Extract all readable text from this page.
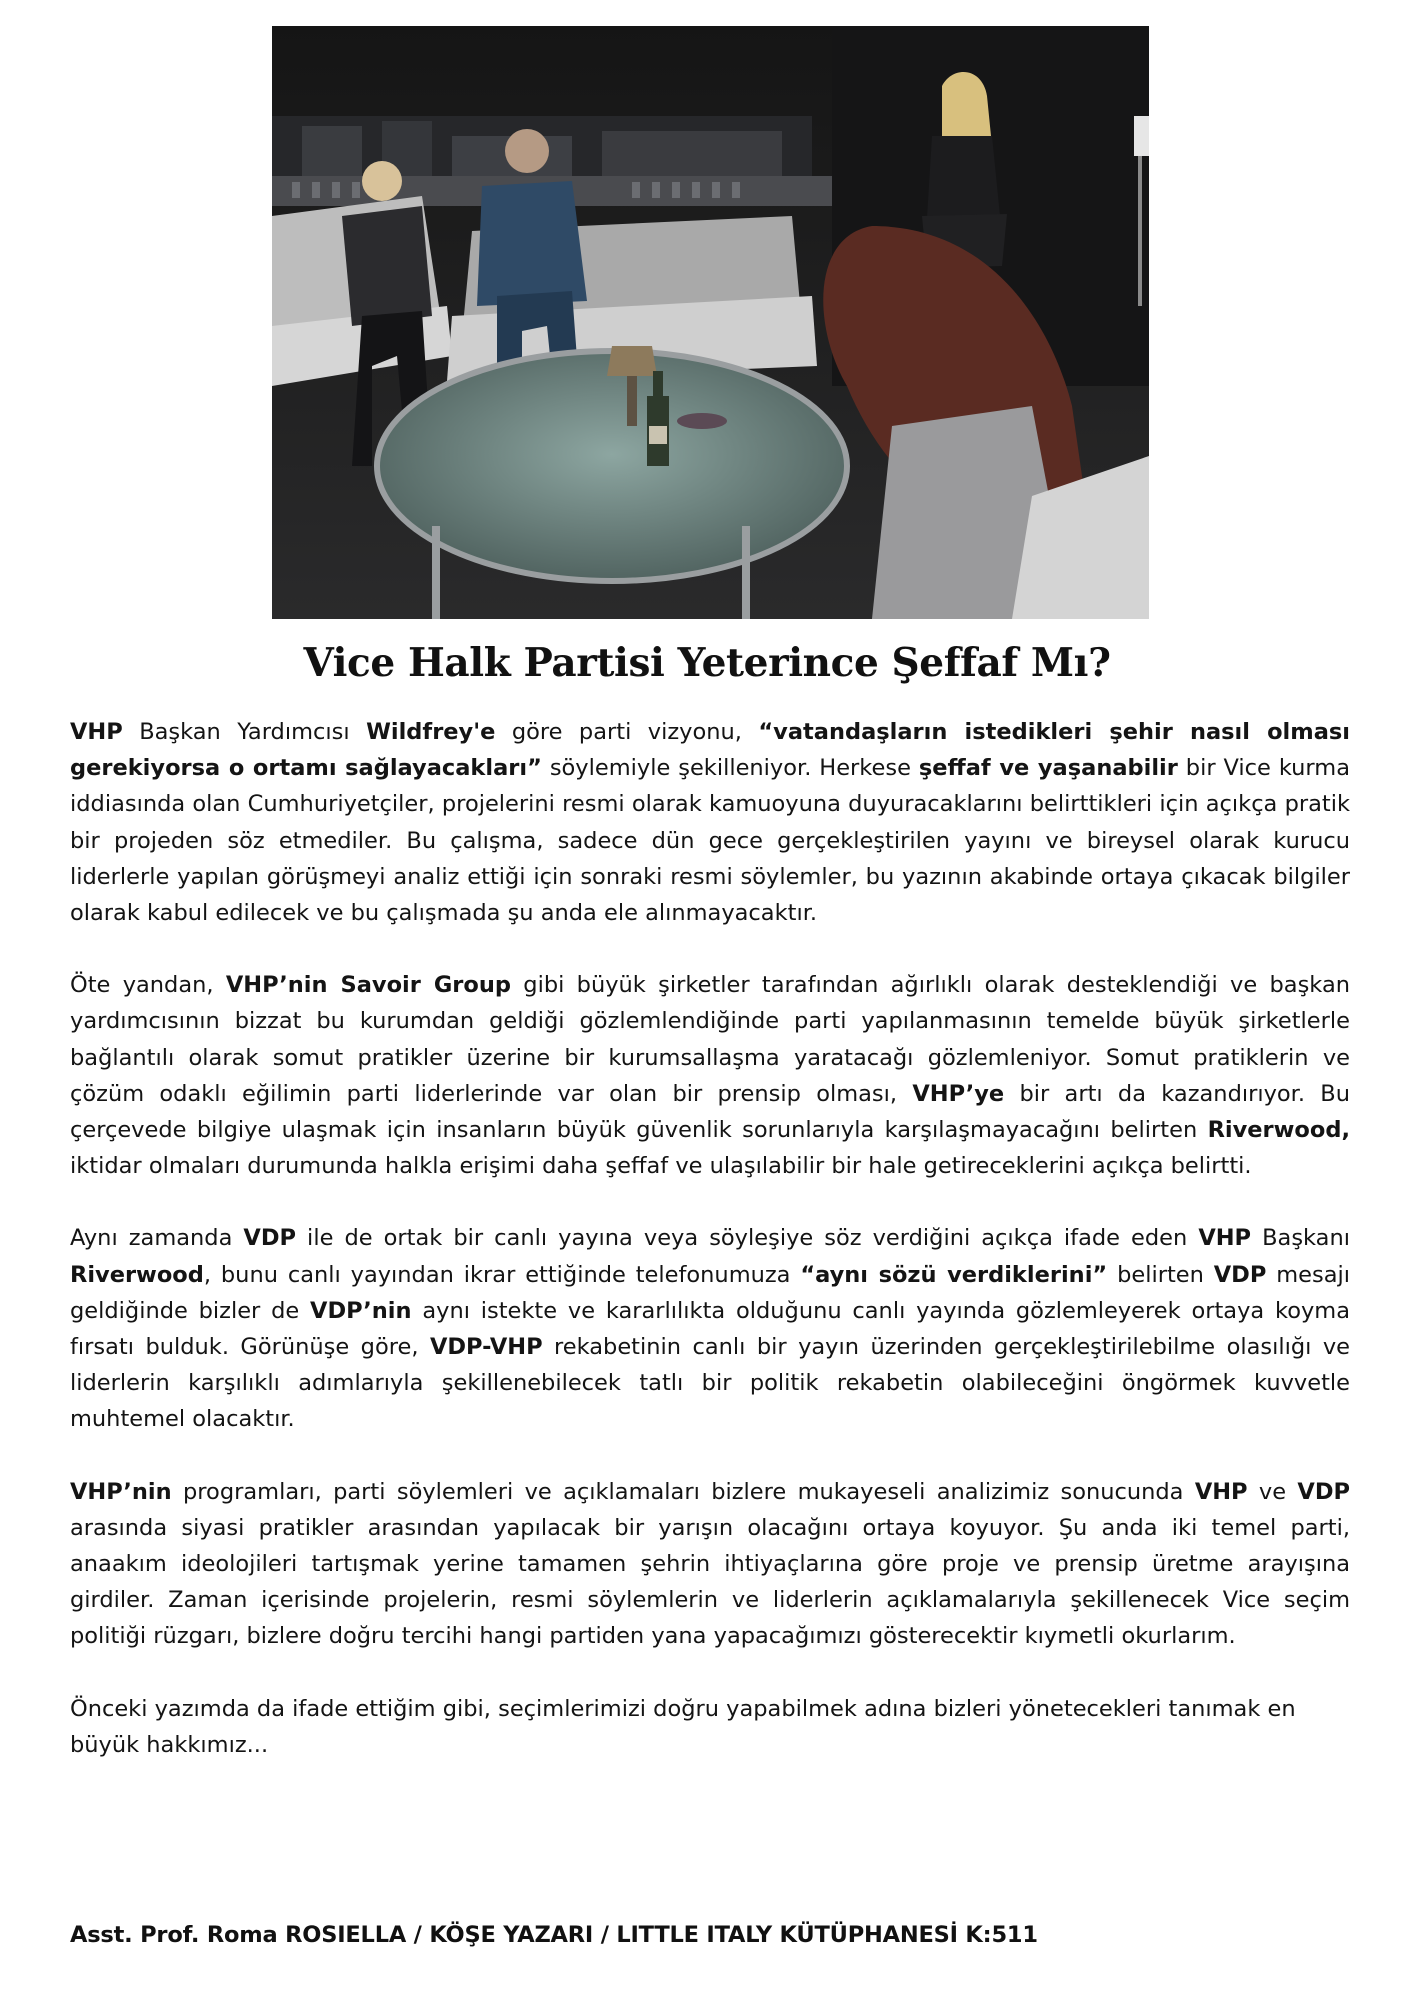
Vice Halk Partisi Yeterince Şeffaf Mı?

VHP Başkan Yardımcısı Wildfrey'e göre parti vizyonu, “vatandaşların istedikleri şehir nasıl olması gerekiyorsa o ortamı sağlayacakları” söylemiyle şekilleniyor. Herkese şeffaf ve yaşanabilir bir Vice kurma iddiasında olan Cumhuriyetçiler, projelerini resmi olarak kamuoyuna duyuracaklarını belirttikleri için açıkça pratik bir projeden söz etmediler. Bu çalışma, sadece dün gece gerçekleştirilen yayını ve bireysel olarak kurucu liderlerle yapılan görüşmeyi analiz ettiği için sonraki resmi söylemler, bu yazının akabinde ortaya çıkacak bilgiler olarak kabul edilecek ve bu çalışmada şu anda ele alınmayacaktır.

Öte yandan, VHP’nin Savoir Group gibi büyük şirketler tarafından ağırlıklı olarak desteklendiği ve başkan yardımcısının bizzat bu kurumdan geldiği gözlemlendiğinde parti yapılanmasının temelde büyük şirketlerle bağlantılı olarak somut pratikler üzerine bir kurumsallaşma yaratacağı gözlemleniyor. Somut pratiklerin ve çözüm odaklı eğilimin parti liderlerinde var olan bir prensip olması, VHP’ye bir artı da kazandırıyor. Bu çerçevede bilgiye ulaşmak için insanların büyük güvenlik sorunlarıyla karşılaşmayacağını belirten Riverwood, iktidar olmaları durumunda halkla erişimi daha şeffaf ve ulaşılabilir bir hale getireceklerini açıkça belirtti.

Aynı zamanda VDP ile de ortak bir canlı yayına veya söyleşiye söz verdiğini açıkça ifade eden VHP Başkanı Riverwood, bunu canlı yayından ikrar ettiğinde telefonumuza “aynı sözü verdiklerini” belirten VDP mesajı geldiğinde bizler de VDP’nin aynı istekte ve kararlılıkta olduğunu canlı yayında gözlemleyerek ortaya koyma fırsatı bulduk. Görünüşe göre, VDP-VHP rekabetinin canlı bir yayın üzerinden gerçekleştirilebilme olasılığı ve liderlerin karşılıklı adımlarıyla şekillenebilecek tatlı bir politik rekabetin olabileceğini öngörmek kuvvetle muhtemel olacaktır.

VHP’nin programları, parti söylemleri ve açıklamaları bizlere mukayeseli analizimiz sonucunda VHP ve VDP arasında siyasi pratikler arasından yapılacak bir yarışın olacağını ortaya koyuyor. Şu anda iki temel parti, anaakım ideolojileri tartışmak yerine tamamen şehrin ihtiyaçlarına göre proje ve prensip üretme arayışına girdiler. Zaman içerisinde projelerin, resmi söylemlerin ve liderlerin açıklamalarıyla şekillenecek Vice seçim politiği rüzgarı, bizlere doğru tercihi hangi partiden yana yapacağımızı gösterecektir kıymetli okurlarım.

Önceki yazımda da ifade ettiğim gibi, seçimlerimizi doğru yapabilmek adına bizleri yönetecekleri tanımak en büyük hakkımız...

Asst. Prof. Roma ROSIELLA / KÖŞE YAZARI / LITTLE ITALY KÜTÜPHANESİ K:511
